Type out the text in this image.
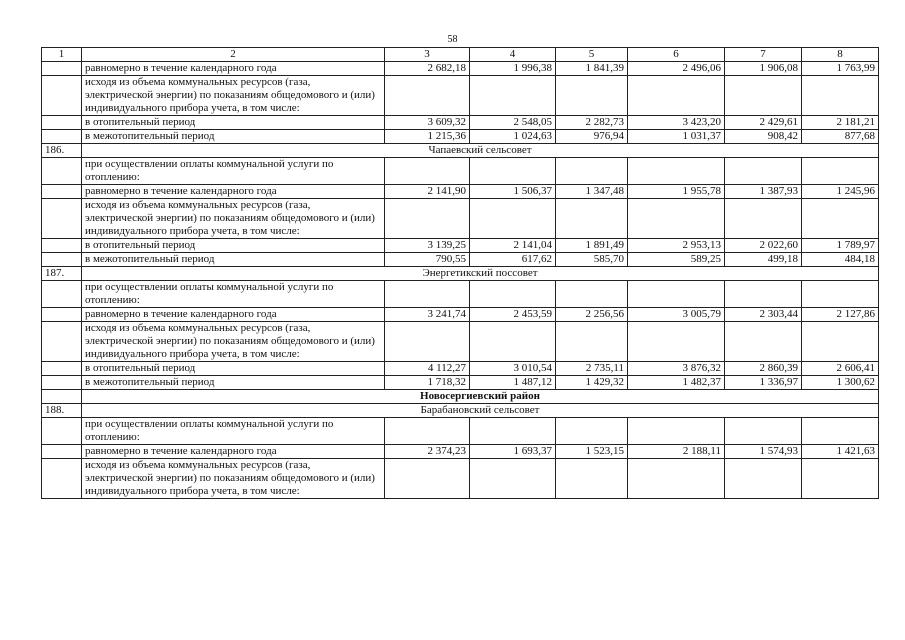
58
1	2	3	4	5	6	7	8
	равномерно в течение календарного года	2 682,18	1 996,38	1 841,39	2 496,06	1 906,08	1 763,99
	исходя из объема коммунальных ресурсов (газа, электрической энергии) по показаниям общедомового и (или) индивидуального прибора учета, в том числе:						
	в отопительный период	3 609,32	2 548,05	2 282,73	3 423,20	2 429,61	2 181,21
	в межотопительный период	1 215,36	1 024,63	976,94	1 031,37	908,42	877,68
186.	Чапаевский сельсовет						
	при осуществлении оплаты коммунальной услуги по отоплению:						
	равномерно в течение календарного года	2 141,90	1 506,37	1 347,48	1 955,78	1 387,93	1 245,96
	исходя из объема коммунальных ресурсов (газа, электрической энергии) по показаниям общедомового и (или) индивидуального прибора учета, в том числе:						
	в отопительный период	3 139,25	2 141,04	1 891,49	2 953,13	2 022,60	1 789,97
	в межотопительный период	790,55	617,62	585,70	589,25	499,18	484,18
187.	Энергетикский поссовет						
	при осуществлении оплаты коммунальной услуги по отоплению:						
	равномерно в течение календарного года	3 241,74	2 453,59	2 256,56	3 005,79	2 303,44	2 127,86
	исходя из объема коммунальных ресурсов (газа, электрической энергии) по показаниям общедомового и (или) индивидуального прибора учета, в том числе:						
	в отопительный период	4 112,27	3 010,54	2 735,11	3 876,32	2 860,39	2 606,41
	в межотопительный период	1 718,32	1 487,12	1 429,32	1 482,37	1 336,97	1 300,62
	Новосергиевский район						
188.	Барабановский сельсовет						
	при осуществлении оплаты коммунальной услуги по отоплению:						
	равномерно в течение календарного года	2 374,23	1 693,37	1 523,15	2 188,11	1 574,93	1 421,63
	исходя из объема коммунальных ресурсов (газа, электрической энергии) по показаниям общедомового и (или) индивидуального прибора учета, в том числе:						
